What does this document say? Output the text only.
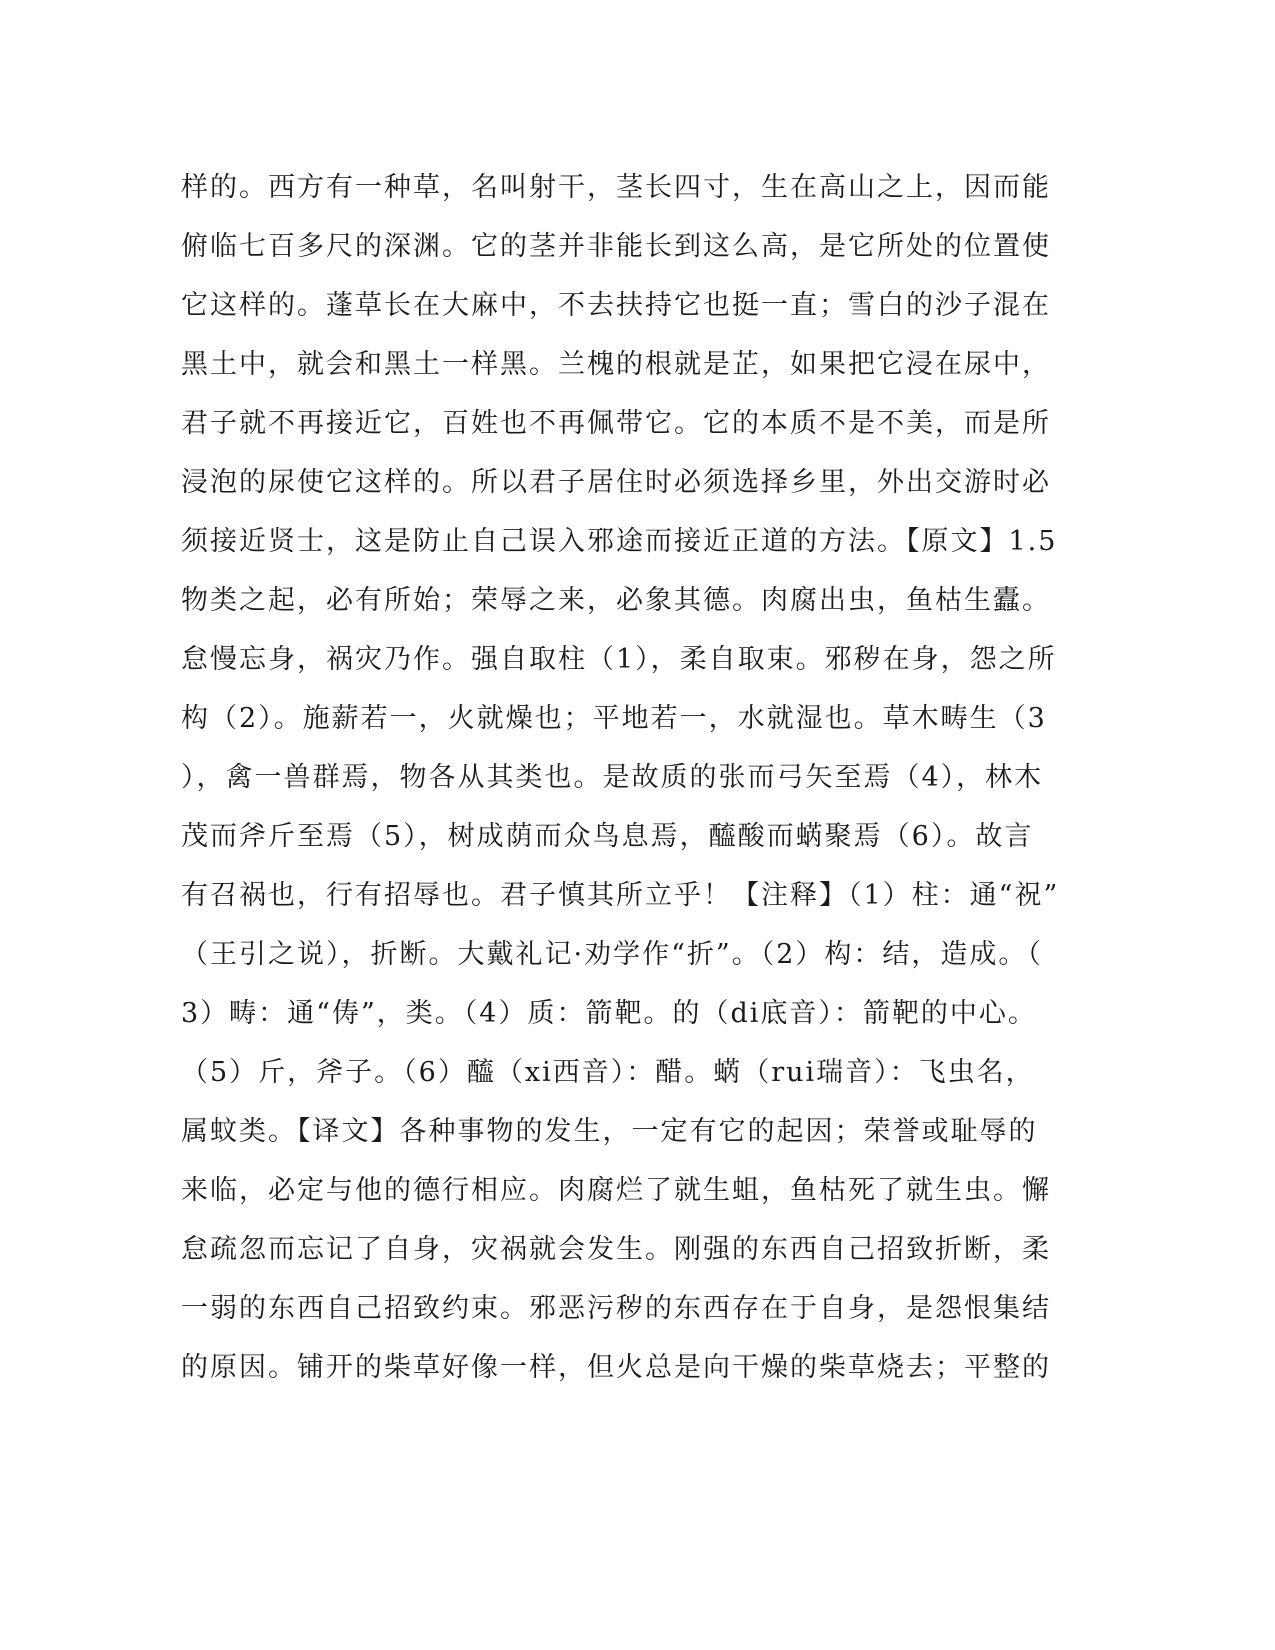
样的。西方有一种草，名叫射干，茎长四寸，生在高山之上，因而能
俯临七百多尺的深渊。它的茎并非能长到这么高，是它所处的位置使
它这样的。蓬草长在大麻中，不去扶持它也挺一直；雪白的沙子混在
黑土中，就会和黑土一样黑。兰槐的根就是芷，如果把它浸在尿中，
君子就不再接近它，百姓也不再佩带它。它的本质不是不美，而是所
浸泡的尿使它这样的。所以君子居住时必须选择乡里，外出交游时必
须接近贤士，这是防止自己误入邪途而接近正道的方法。【原文】1.5
物类之起，必有所始；荣辱之来，必象其德。肉腐出虫，鱼枯生蠹。
怠慢忘身，祸灾乃作。强自取柱（1），柔自取束。邪秽在身，怨之所
构（2）。施薪若一，火就燥也；平地若一，水就湿也。草木畴生（3
），禽一兽群焉，物各从其类也。是故质的张而弓矢至焉（4），林木
茂而斧斤至焉（5），树成荫而众鸟息焉，醯酸而蜹聚焉（6）。故言
有召祸也，行有招辱也。君子慎其所立乎！【注释】（1）柱：通“祝”
（王引之说），折断。大戴礼记·劝学作“折”。（2）构：结，造成。（
3）畴：通“俦”，类。（4）质：箭靶。的（di底音）：箭靶的中心。
（5）斤，斧子。（6）醯（xi西音）：醋。蜹（rui瑞音）：飞虫名，
属蚊类。【译文】各种事物的发生，一定有它的起因；荣誉或耻辱的
来临，必定与他的德行相应。肉腐烂了就生蛆，鱼枯死了就生虫。懈
怠疏忽而忘记了自身，灾祸就会发生。刚强的东西自己招致折断，柔
一弱的东西自己招致约束。邪恶污秽的东西存在于自身，是怨恨集结
的原因。铺开的柴草好像一样，但火总是向干燥的柴草烧去；平整的
